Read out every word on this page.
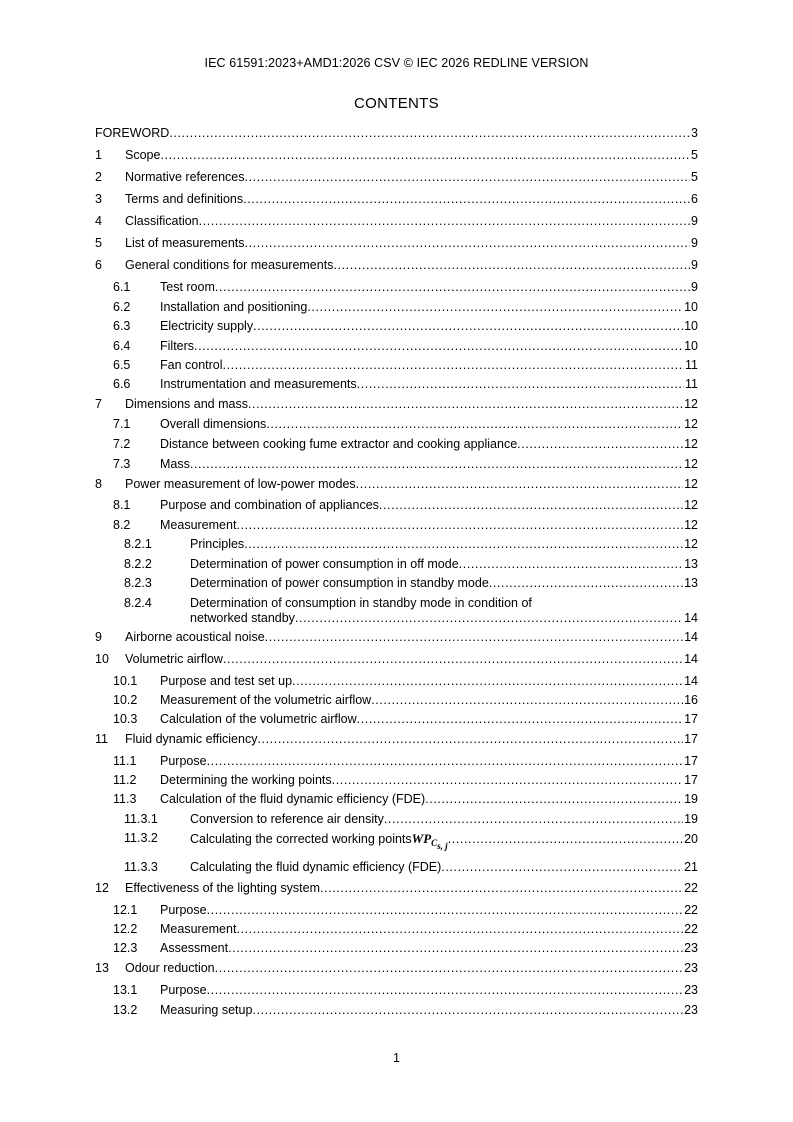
IEC 61591:2023+AMD1:2026 CSV © IEC 2026 REDLINE VERSION
CONTENTS
FOREWORD .....	3
1 Scope .....	5
2 Normative references .....	5
3 Terms and definitions .....	6
4 Classification .....	9
5 List of measurements .....	9
6 General conditions for measurements .....	9
6.1 Test room .....	9
6.2 Installation and positioning .....	10
6.3 Electricity supply .....	10
6.4 Filters .....	10
6.5 Fan control .....	11
6.6 Instrumentation and measurements .....	11
7 Dimensions and mass .....	12
7.1 Overall dimensions .....	12
7.2 Distance between cooking fume extractor and cooking appliance .....	12
7.3 Mass .....	12
8 Power measurement of low-power modes .....	12
8.1 Purpose and combination of appliances .....	12
8.2 Measurement .....	12
8.2.1	Principles .....	12
8.2.2	Determination of power consumption in off mode .....	13
8.2.3	Determination of power consumption in standby mode .....	13
8.2.4	Determination of consumption in standby mode in condition of
networked standby .....	14
9 Airborne acoustical noise .....	14
10 Volumetric airflow .....	14
10.1 Purpose and test set up .....	14
10.2 Measurement of the volumetric airflow .....	16
10.3 Calculation of the volumetric airflow .....	17
11 Fluid dynamic efficiency .....	17
11.1 Purpose .....	17
11.2 Determining the working points .....	17
11.3 Calculation of the fluid dynamic efficiency (FDE) .....	19
11.3.1	Conversion to reference air density .....	19
11.3.2	Calculating the corrected working points $WP_{C_{s, j}}$ .....	20
11.3.3	Calculating the fluid dynamic efficiency (FDE) .....	21
12 Effectiveness of the lighting system .....	22
12.1 Purpose .....	22
12.2 Measurement .....	22
12.3 Assessment .....	23
13 Odour reduction .....	23
13.1 Purpose .....	23
13.2 Measuring setup .....	23
1
